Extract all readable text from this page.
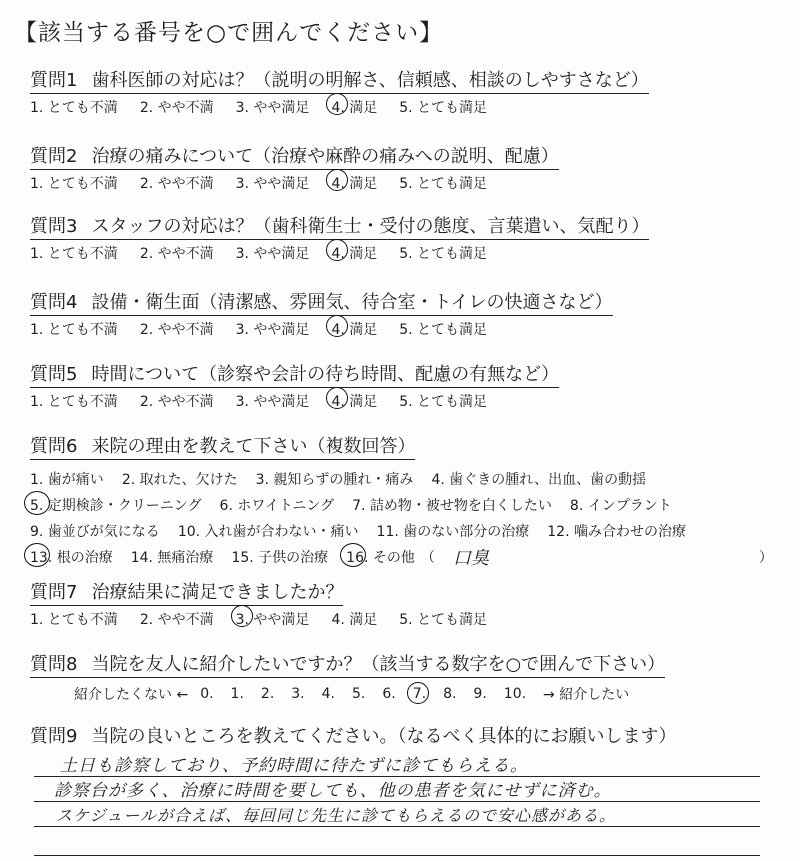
【該当する番号を○で囲んでください】
質問1 歯科医師の対応は？（説明の明解さ、信頼感、相談のしやすさなど）
1. とても不満 2. やや不満 3. やや満足 4. 満足 5. とても満足
質問2 治療の痛みについて（治療や麻酔の痛みへの説明、配慮）
1. とても不満 2. やや不満 3. やや満足 4. 満足 5. とても満足
質問3 スタッフの対応は？（歯科衛生士・受付の態度、言葉遣い、気配り）
1. とても不満 2. やや不満 3. やや満足 4. 満足 5. とても満足
質問4 設備・衛生面（清潔感、雰囲気、待合室・トイレの快適さなど）
1. とても不満 2. やや不満 3. やや満足 4. 満足 5. とても満足
質問5 時間について（診察や会計の待ち時間、配慮の有無など）
1. とても不満 2. やや不満 3. やや満足 4. 満足 5. とても満足
質問6 来院の理由を教えて下さい（複数回答）
1. 歯が痛い 2. 取れた、欠けた 3. 親知らずの腫れ・痛み 4. 歯ぐきの腫れ、出血、歯の動揺
5. 定期検診・クリーニング 6. ホワイトニング 7. 詰め物・被せ物を白くしたい 8. インプラント
9. 歯並びが気になる 10. 入れ歯が合わない・痛い 11. 歯のない部分の治療 12. 噛み合わせの治療
13. 根の治療 14. 無痛治療 15. 子供の治療 16. その他 （ 口臭	）
質問7 治療結果に満足できましたか？
1. とても不満 2. やや不満 3. やや満足 4. 満足 5. とても満足
質問8 当院を友人に紹介したいですか？（該当する数字を○で囲んで下さい）
紹介したくない ← 0. 1. 2. 3. 4. 5. 6. 7. 8. 9. 10. → 紹介したい
質問9 当院の良いところを教えてください。（なるべく具体的にお願いします）
土日も診察しており、予約時間に待たずに診てもらえる。
診察台が多く、治療に時間を要しても、他の患者を気にせずに済む。
スケジュールが合えば、毎回同じ先生に診てもらえるので安心感がある。
